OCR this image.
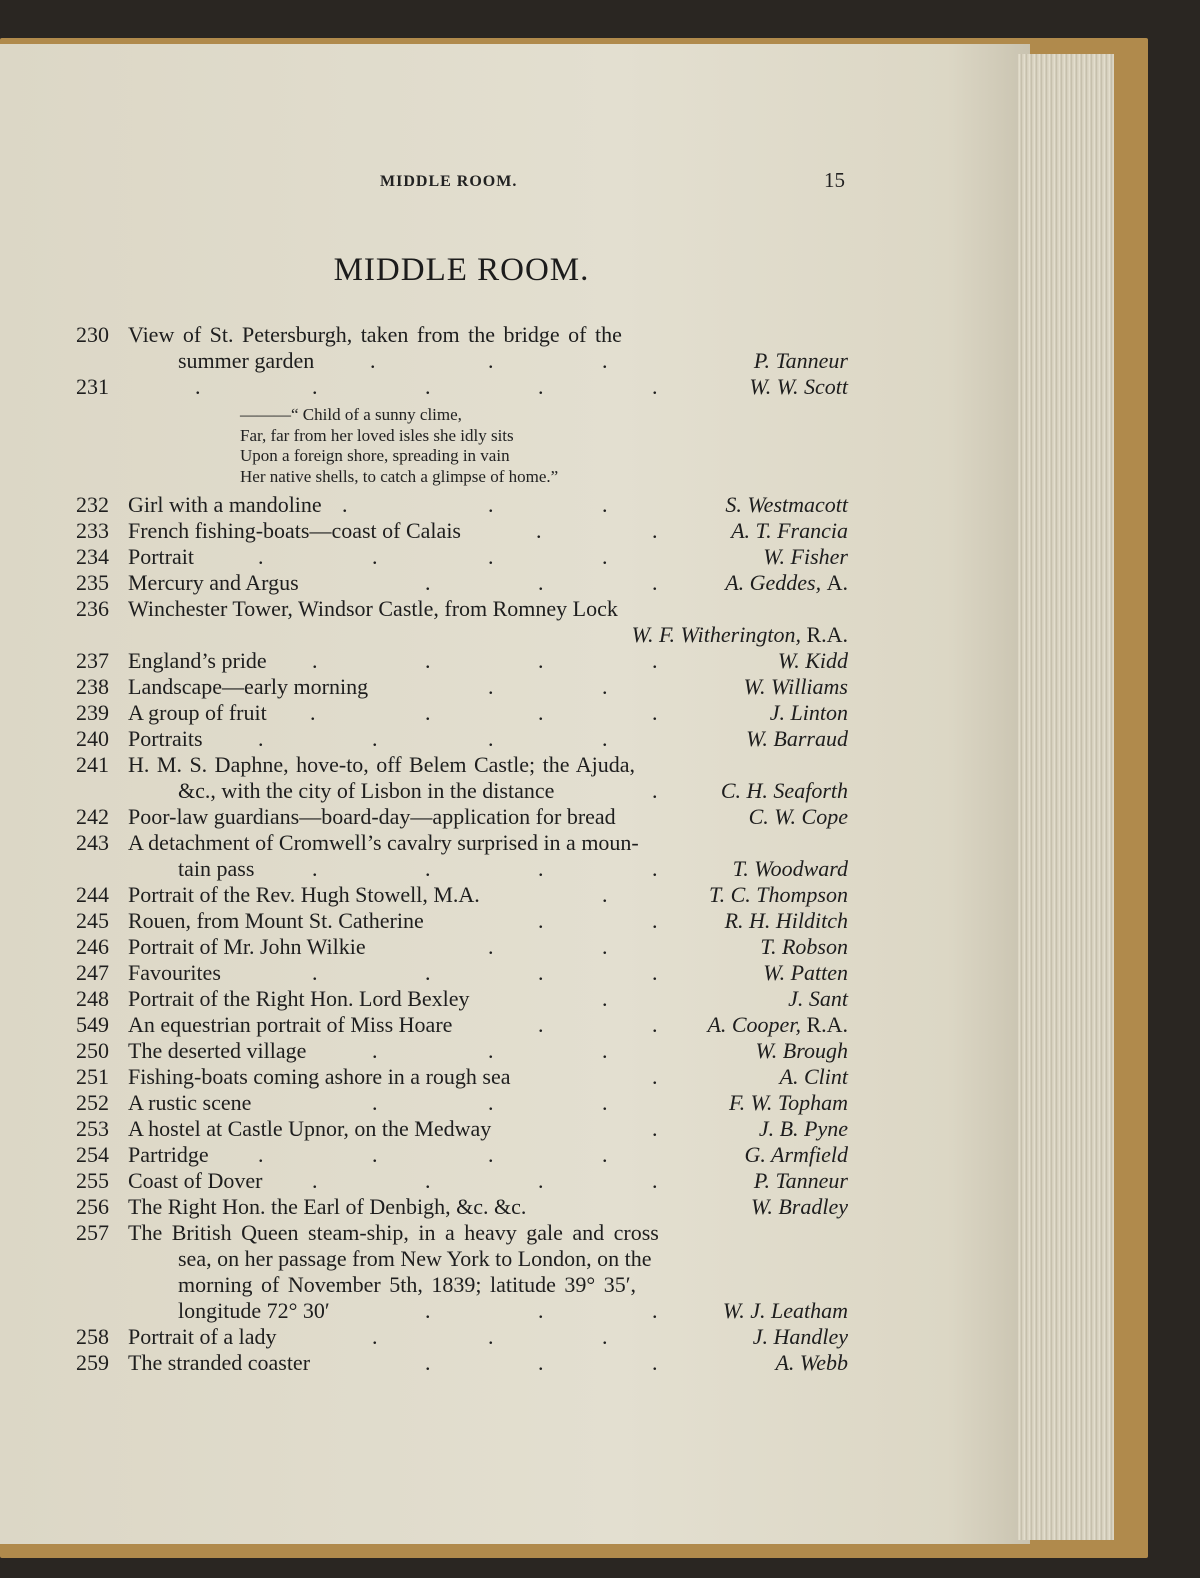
MIDDLE ROOM.	15
MIDDLE ROOM.
230 View of St. Petersburgh, taken from the bridge of the
summer garden	.	.	.	P. Tanneur
231	.	.	.	.	.	W. W. Scott
———“ Child of a sunny clime,
Far, far from her loved isles she idly sits
Upon a foreign shore, spreading in vain
Her native shells, to catch a glimpse of home.”
232 Girl with a mandoline .	.	.	S. Westmacott
233 French fishing-boats—coast of Calais	.	.	A. T. Francia
234 Portrait	.	.	.	.	W. Fisher
235 Mercury and Argus	.	.	.	A. Geddes, A.
236 Winchester Tower, Windsor Castle, from Romney Lock
W. F. Witherington, R.A.
237 England’s pride .	.	.	.	W. Kidd
238 Landscape—early morning	.	.	W. Williams
239 A group of fruit .	.	.	.	J. Linton
240 Portraits	.	.	.	.	W. Barraud
241 H. M. S. Daphne, hove-to, off Belem Castle; the Ajuda,
&c., with the city of Lisbon in the distance	.	C. H. Seaforth
242 Poor-law guardians—board-day—application for bread	C. W. Cope
243 A detachment of Cromwell’s cavalry surprised in a moun-
tain pass	.	.	.	.	T. Woodward
244 Portrait of the Rev. Hugh Stowell, M.A.	.	T. C. Thompson
245 Rouen, from Mount St. Catherine	.	.	R. H. Hilditch
246 Portrait of Mr. John Wilkie	.	.	T. Robson
247 Favourites	.	.	.	.	W. Patten
248 Portrait of the Right Hon. Lord Bexley	.	J. Sant
549 An equestrian portrait of Miss Hoare	.	. A. Cooper, R.A.
250 The deserted village	.	.	.	W. Brough
251 Fishing-boats coming ashore in a rough sea	.	A. Clint
252 A rustic scene	.	.	.	F. W. Topham
253 A hostel at Castle Upnor, on the Medway	.	J. B. Pyne
254 Partridge .	.	.	.	G. Armfield
255 Coast of Dover .	.	.	.	P. Tanneur
256 The Right Hon. the Earl of Denbigh, &c. &c.	W. Bradley
257 The British Queen steam-ship, in a heavy gale and cross
sea, on her passage from New York to London, on the
morning of November 5th, 1839; latitude 39° 35′,
longitude 72° 30′	.	.	.	W. J. Leatham
258 Portrait of a lady	.	.	.	J. Handley
259 The stranded coaster	.	.	.	A. Webb
